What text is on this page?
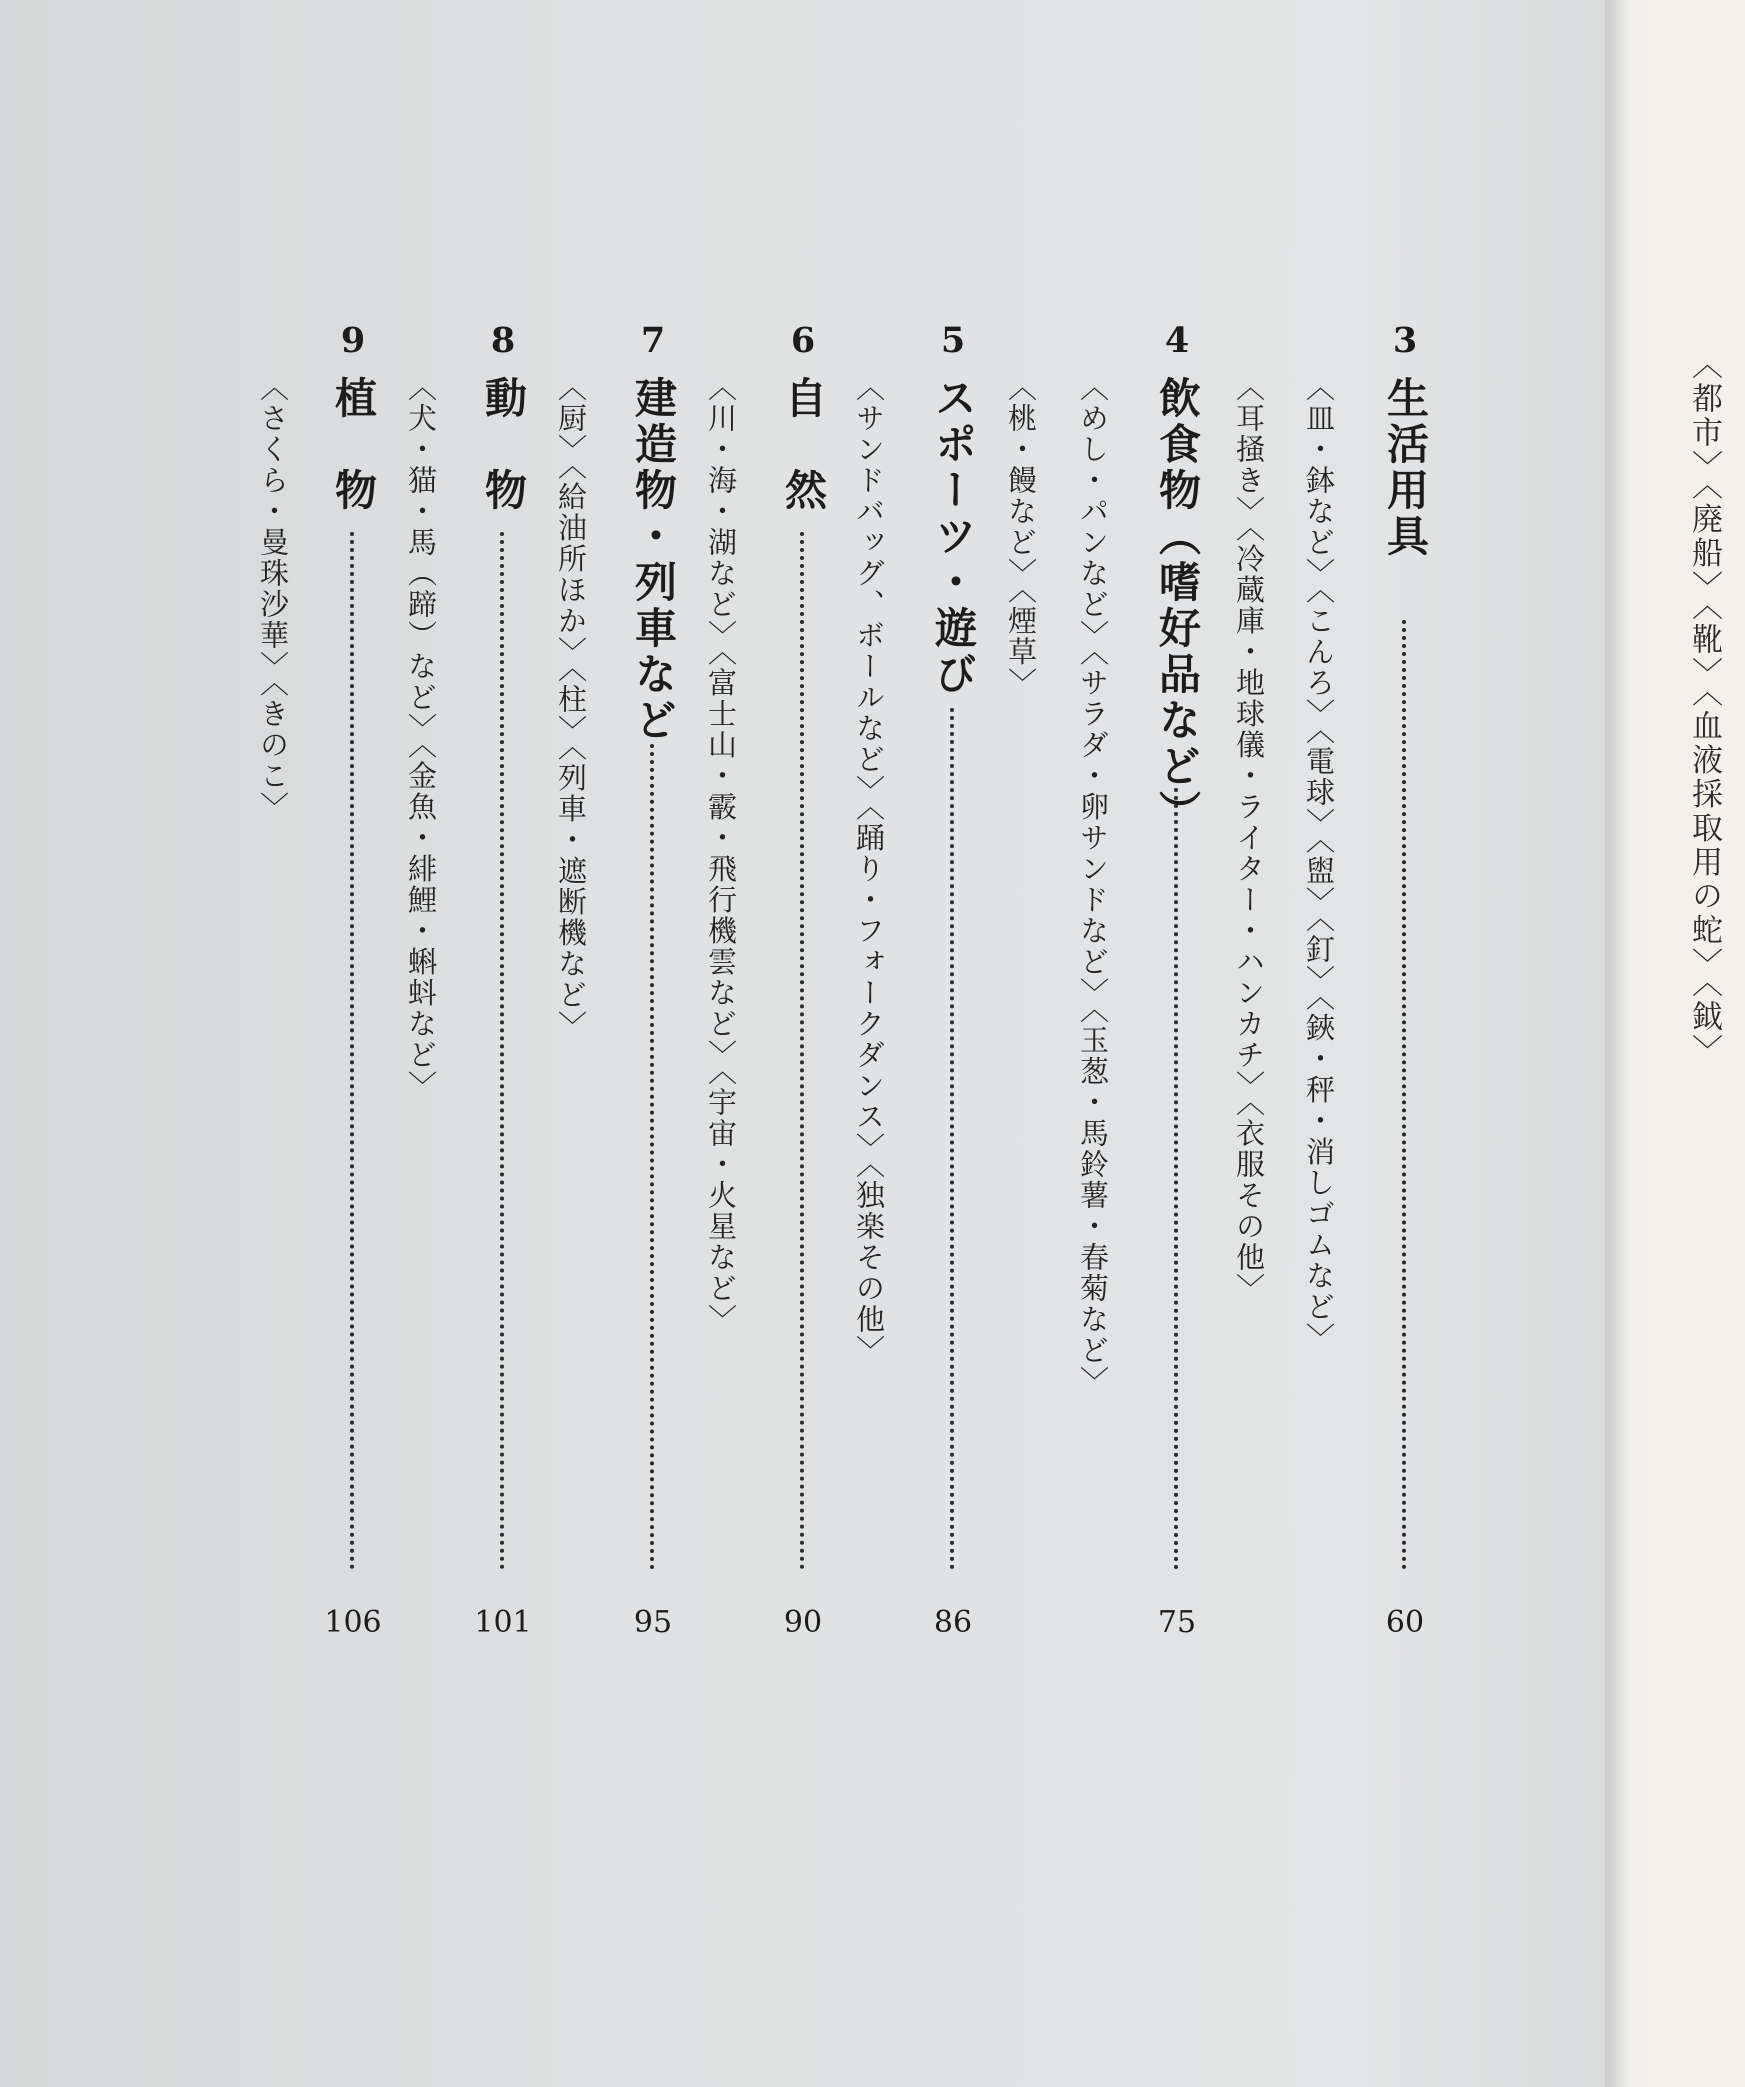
〈都市〉〈廃船〉〈靴〉〈血液採取用の蛇〉〈鉞〉
3
生活用具
60
〈皿・鉢など〉〈こんろ〉〈電球〉〈盥〉〈釘〉〈鋏・秤・消しゴムなど〉
〈耳掻き〉〈冷蔵庫・地球儀・ライター・ハンカチ〉〈衣服その他〉
4
飲食物（嗜好品など）
75
〈めし・パンなど〉〈サラダ・卵サンドなど〉〈玉葱・馬鈴薯・春菊など〉
〈桃・饅など〉〈煙草〉
5
スポーツ・遊び
86
〈サンドバッグ、ボールなど〉〈踊り・フォークダンス〉〈独楽その他〉
6
自　然
90
〈川・海・湖など〉〈富士山・霰・飛行機雲など〉〈宇宙・火星など〉
7
建造物・列車など
95
〈厨〉〈給油所ほか〉〈柱〉〈列車・遮断機など〉
8
動　物
101
〈犬・猫・馬（蹄）など〉〈金魚・緋鯉・蝌蚪など〉
9
植　物
106
〈さくら・曼珠沙華〉〈きのこ〉
